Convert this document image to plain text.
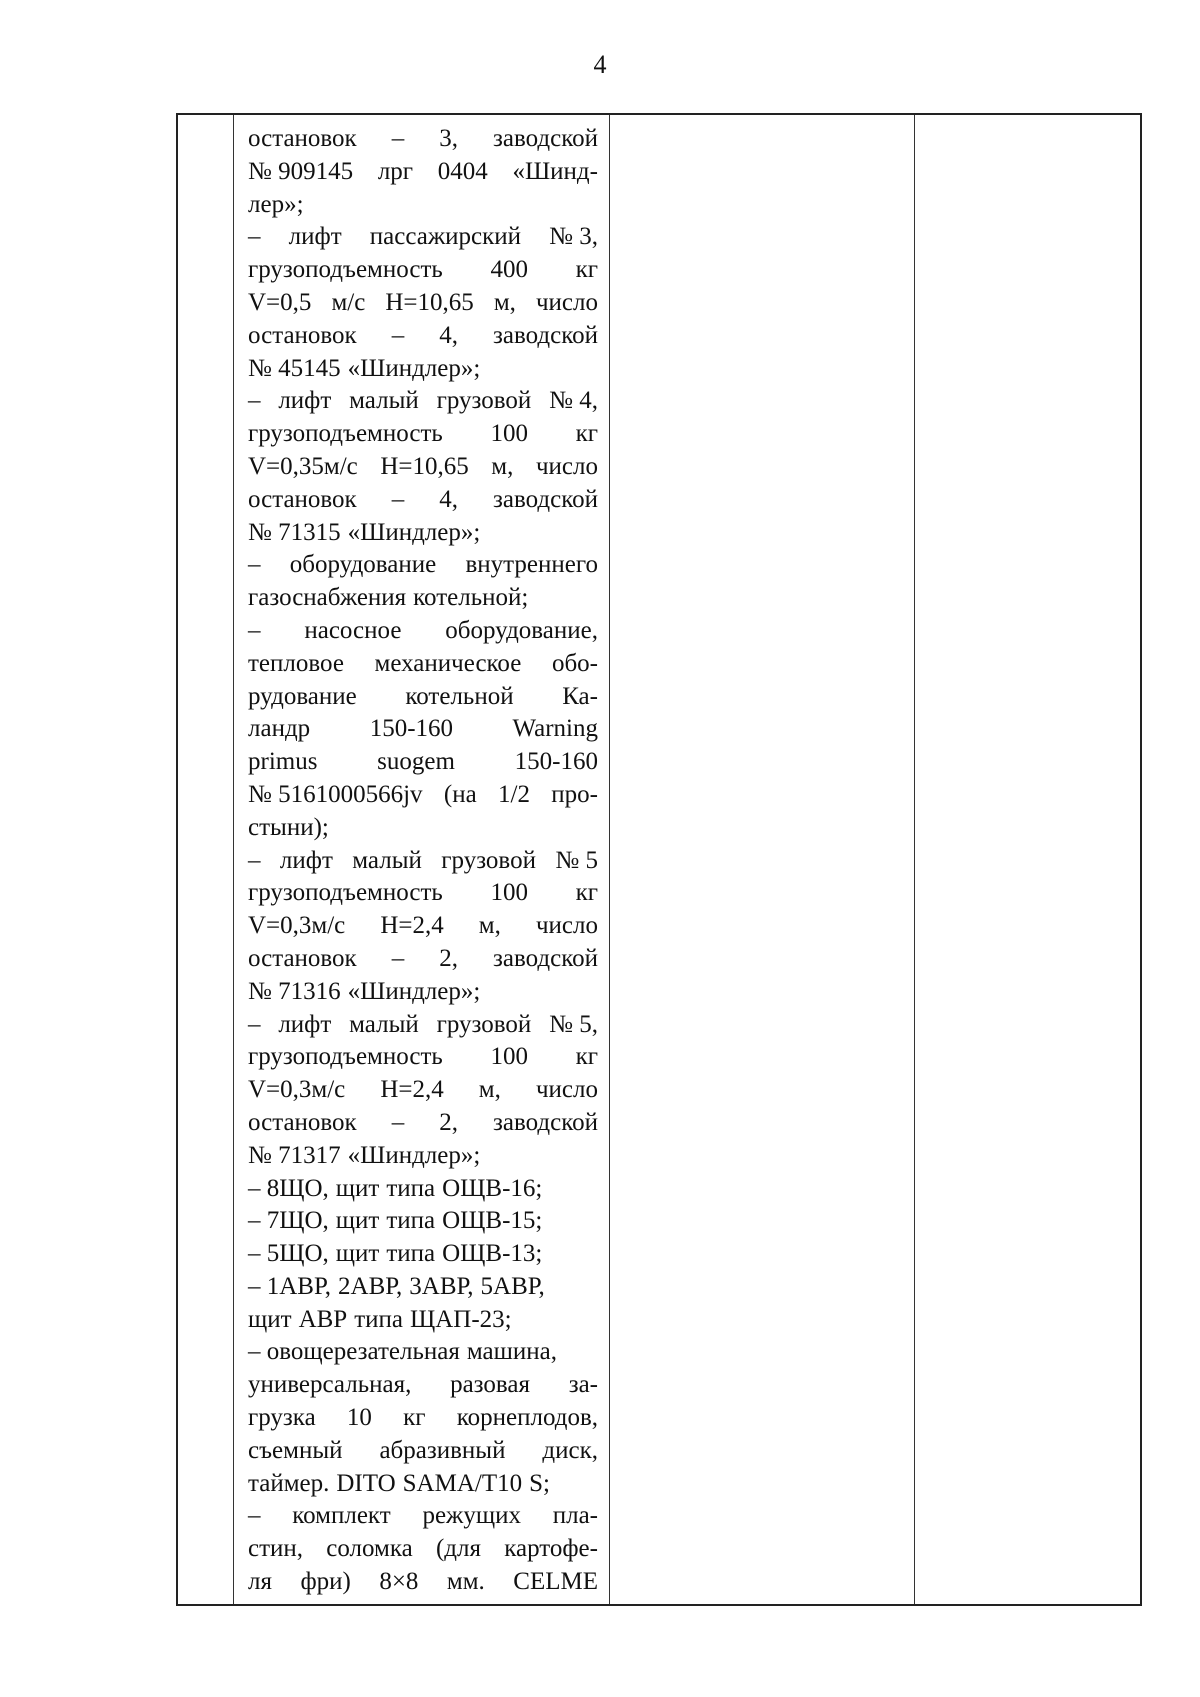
4
остановок – 3, заводской
№ 909145 лрг 0404 «Шинд-
лер»;
– лифт пассажирский № 3,
грузоподъемность 400 кг
V=0,5 м/с H=10,65 м, число
остановок – 4, заводской
№ 45145 «Шиндлер»;
– лифт малый грузовой № 4,
грузоподъемность 100 кг
V=0,35м/с H=10,65 м, число
остановок – 4, заводской
№ 71315 «Шиндлер»;
– оборудование внутреннего
газоснабжения котельной;
– насосное оборудование,
тепловое механическое обо-
рудование котельной Ка-
ландр 150-160 Warning
primus suogem 150-160
№ 5161000566jv (на 1/2 про-
стыни);
– лифт малый грузовой № 5
грузоподъемность 100 кг
V=0,3м/с H=2,4 м, число
остановок – 2, заводской
№ 71316 «Шиндлер»;
– лифт малый грузовой № 5,
грузоподъемность 100 кг
V=0,3м/с H=2,4 м, число
остановок – 2, заводской
№ 71317 «Шиндлер»;
– 8ЩО, щит типа ОЩВ-16;
– 7ЩО, щит типа ОЩВ-15;
– 5ЩО, щит типа ОЩВ-13;
– 1АВР, 2АВР, 3АВР, 5АВР,
щит АВР типа ЩАП-23;
– овощерезательная машина,
универсальная, разовая за-
грузка 10 кг корнеплодов,
съемный абразивный диск,
таймер. DITO SAMA/T10 S;
– комплект режущих пла-
стин, соломка (для картофе-
ля фри) 8×8 мм. CELME
